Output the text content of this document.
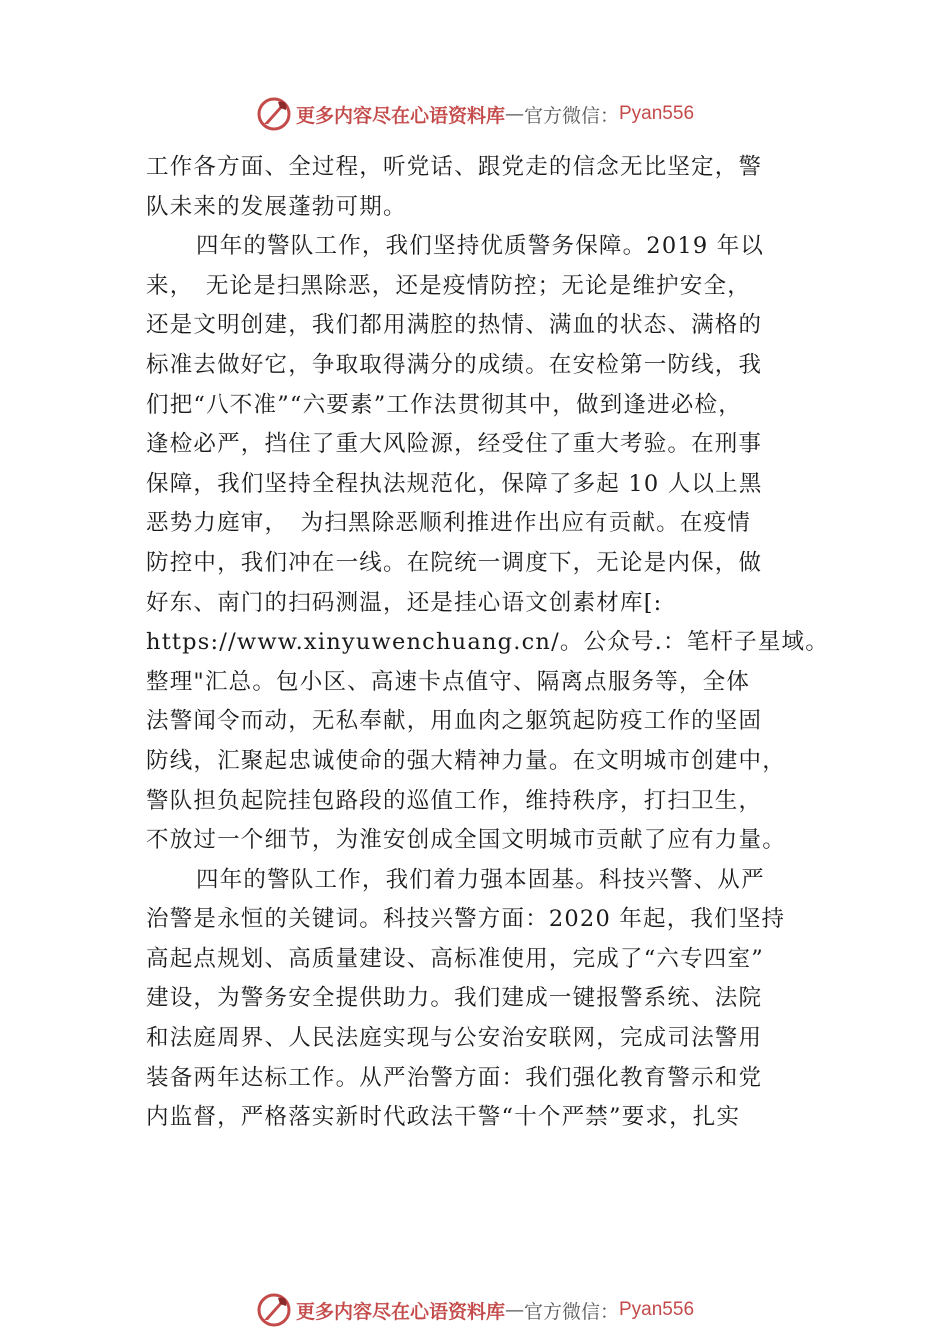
更多内容尽在心语资料库 — 官方微信： Pyan556
工作各方面、全过程，听党话、跟党走的信念无比坚定，警
队未来的发展蓬勃可期。
四年的警队工作，我们坚持优质警务保障。2019 年以
来，　无论是扫黑除恶，还是疫情防控；无论是维护安全，
还是文明创建，我们都用满腔的热情、满血的状态、满格的
标准去做好它，争取取得满分的成绩。在安检第一防线，我
们把“八不准”“六要素”工作法贯彻其中，做到逢进必检，
逢检必严，挡住了重大风险源，经受住了重大考验。在刑事
保障，我们坚持全程执法规范化，保障了多起 10 人以上黑
恶势力庭审，　为扫黑除恶顺利推进作出应有贡献。在疫情
防控中，我们冲在一线。在院统一调度下，无论是内保，做
好东、南门的扫码测温，还是挂心语文创素材库[:
https://www.xinyuwenchuang.cn/。公众号.：笔杆子星域。
整理"汇总。包小区、高速卡点值守、隔离点服务等，全体
法警闻令而动，无私奉献，用血肉之躯筑起防疫工作的坚固
防线，汇聚起忠诚使命的强大精神力量。在文明城市创建中，
警队担负起院挂包路段的巡值工作，维持秩序，打扫卫生，
不放过一个细节，为淮安创成全国文明城市贡献了应有力量。
四年的警队工作，我们着力强本固基。科技兴警、从严
治警是永恒的关键词。科技兴警方面：2020 年起，我们坚持
高起点规划、高质量建设、高标准使用，完成了“六专四室”
建设，为警务安全提供助力。我们建成一键报警系统、法院
和法庭周界、人民法庭实现与公安治安联网，完成司法警用
装备两年达标工作。从严治警方面：我们强化教育警示和党
内监督，严格落实新时代政法干警“十个严禁”要求，扎实
更多内容尽在心语资料库 — 官方微信： Pyan556
